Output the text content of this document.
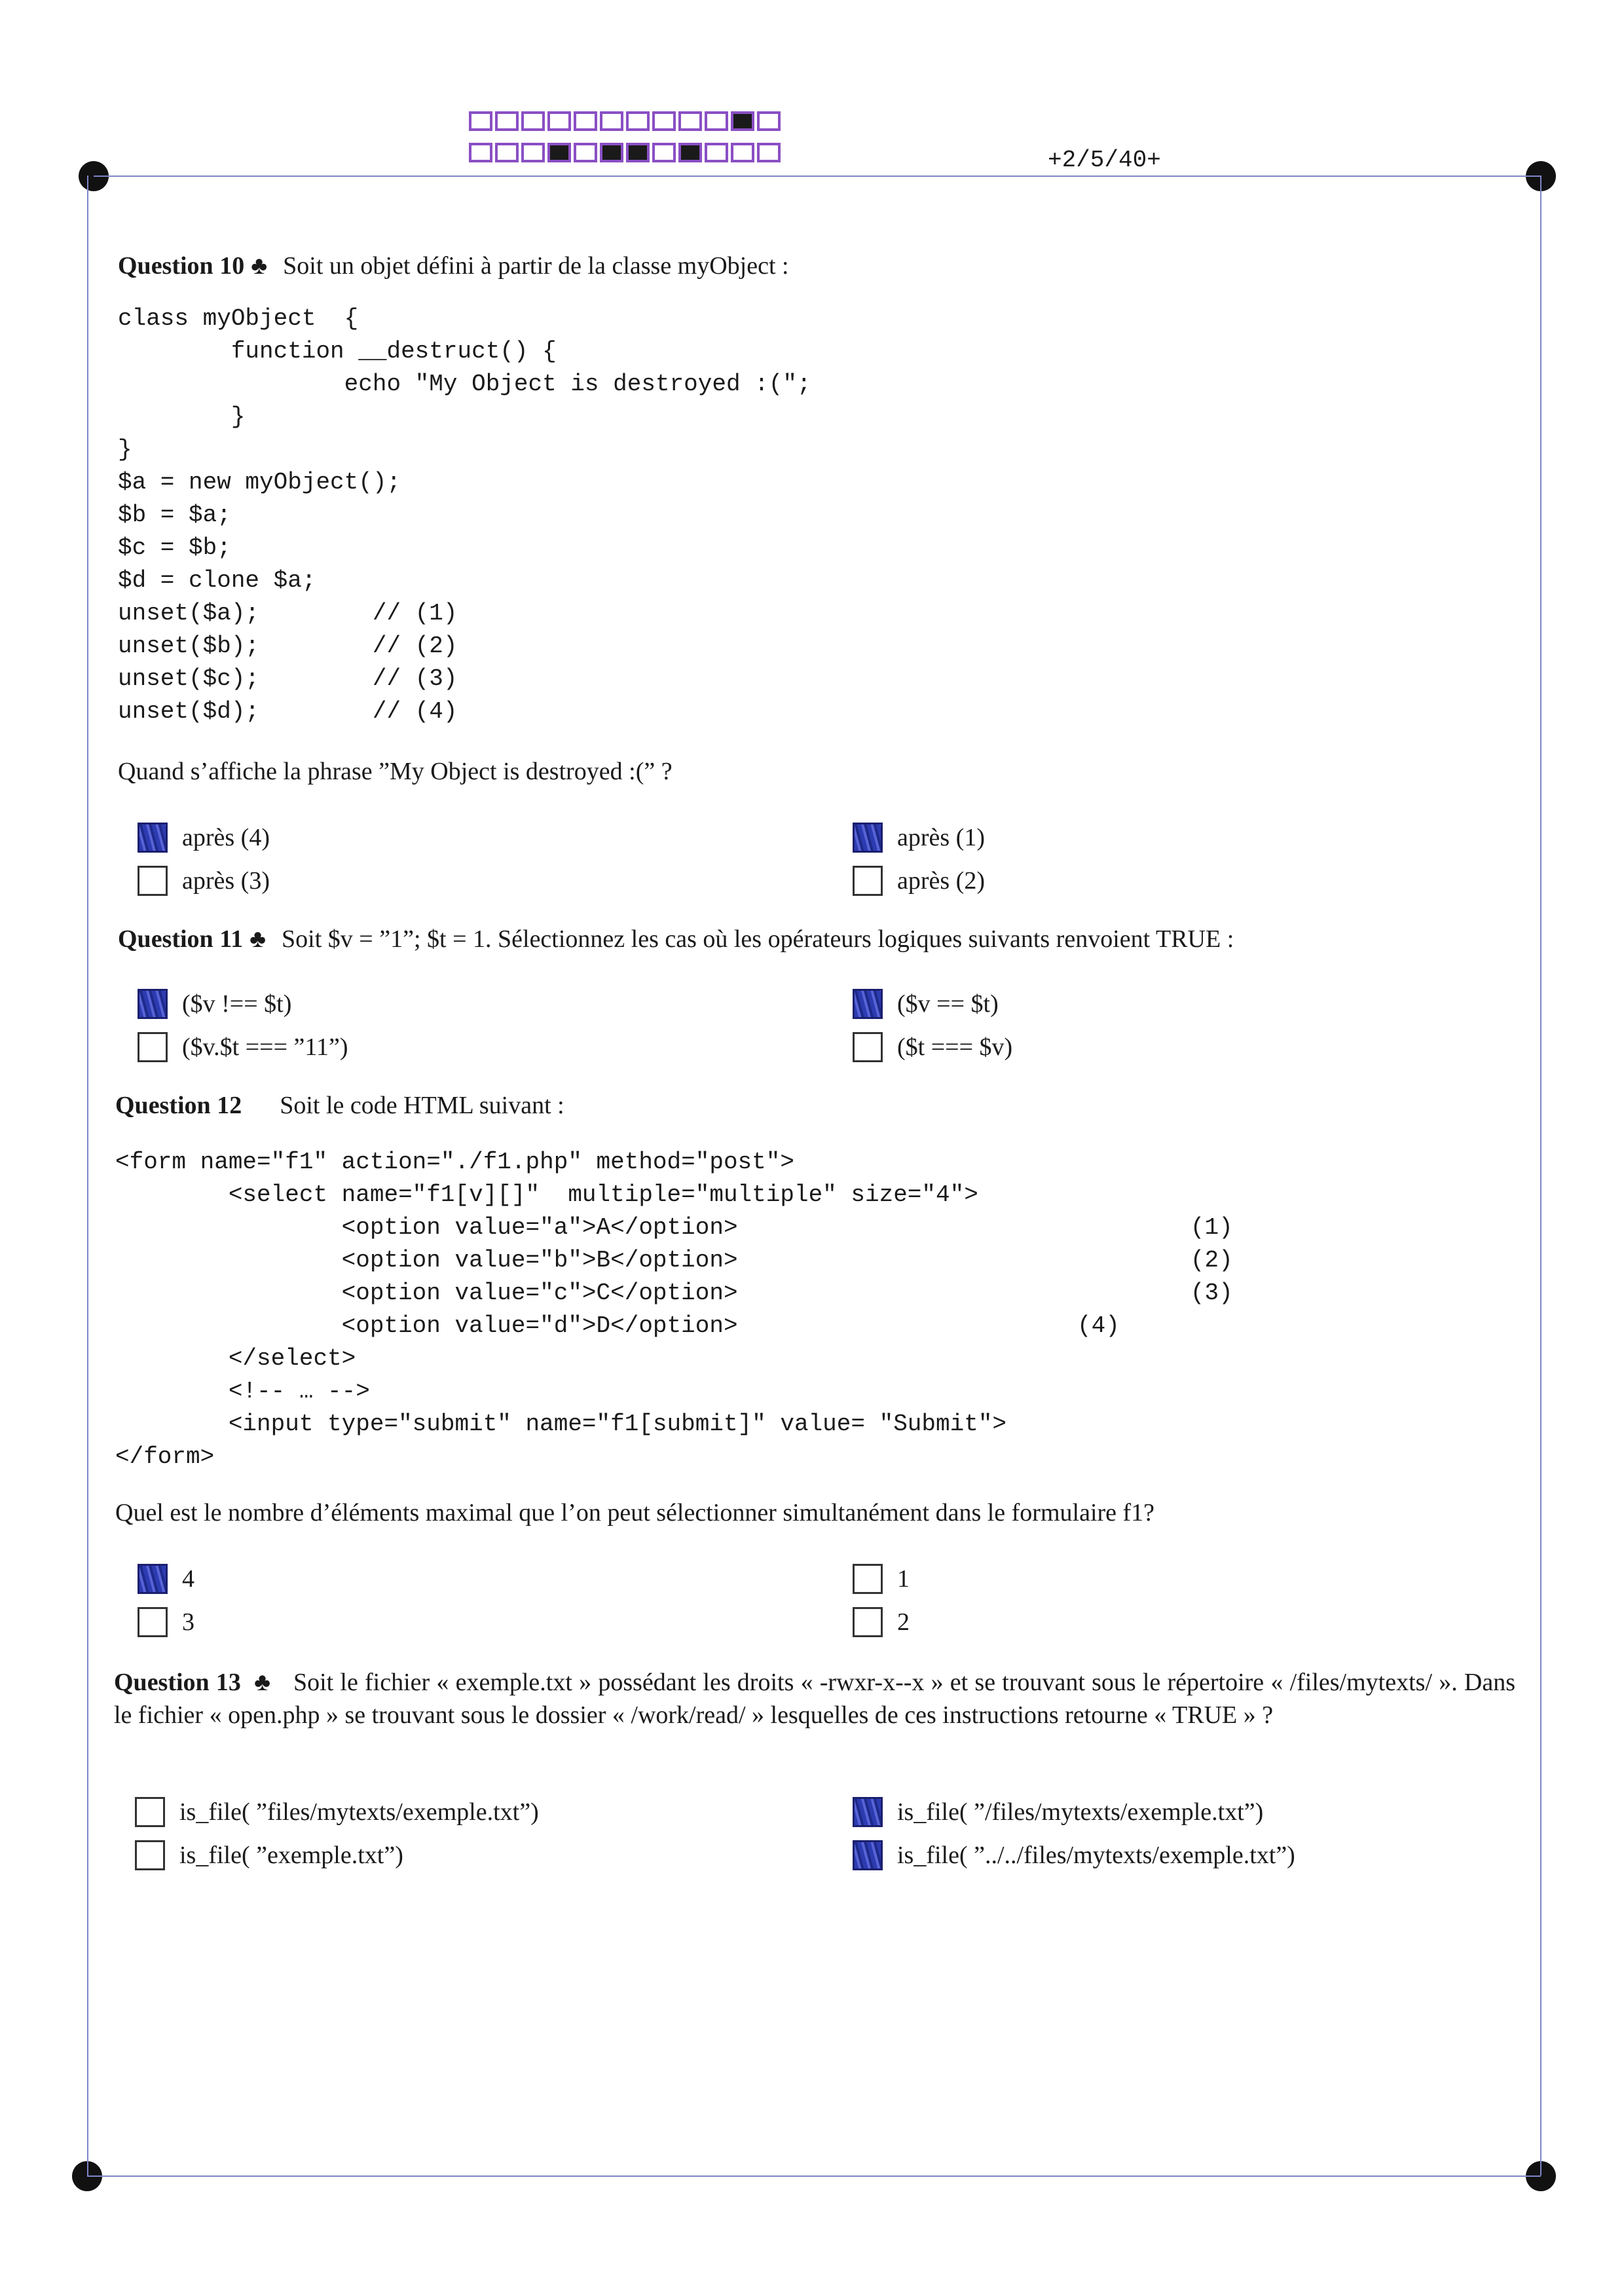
+2/5/40+
Question 10 ♣ Soit un objet défini à partir de la classe myObject :
class myObject  {
function __destruct() {
echo "My Object is destroyed :(";
}
}
$a = new myObject();
$b = $a;
$c = $b;
$d = clone $a;
unset($a);        // (1)
unset($b);        // (2)
unset($c);        // (3)
unset($d);        // (4)
Quand s’affiche la phrase ”My Object is destroyed :(” ?
après (4)	après (1)
après (3)	après (2)
Question 11 ♣ Soit $v = ”1”; $t = 1. Sélectionnez les cas où les opérateurs logiques suivants renvoient TRUE :
($v !== $t)	($v == $t)
($v.$t === ”11”)	($t === $v)
Question 12 Soit le code HTML suivant :
<form name="f1" action="./f1.php" method="post">
<select name="f1[v][]"  multiple="multiple" size="4">
<option value="a">A</option>                                (1)
<option value="b">B</option>                                (2)
<option value="c">C</option>                                (3)
<option value="d">D</option>                        (4)
</select>
<!-- … -->
<input type="submit" name="f1[submit]" value= "Submit">
</form>
Quel est le nombre d’éléments maximal que l’on peut sélectionner simultanément dans le formulaire f1?
4	1
3	2
Question 13 ♣ Soit le fichier « exemple.txt » possédant les droits « -rwxr-x--x » et se trouvant sous le répertoire « /files/mytexts/ ». Dans le fichier « open.php » se trouvant sous le dossier « /work/read/ » lesquelles de ces instructions retourne « TRUE » ?
is_file( ”files/mytexts/exemple.txt”)	is_file( ”/files/mytexts/exemple.txt”)
is_file( ”exemple.txt”)	is_file( ”../../files/mytexts/exemple.txt”)
